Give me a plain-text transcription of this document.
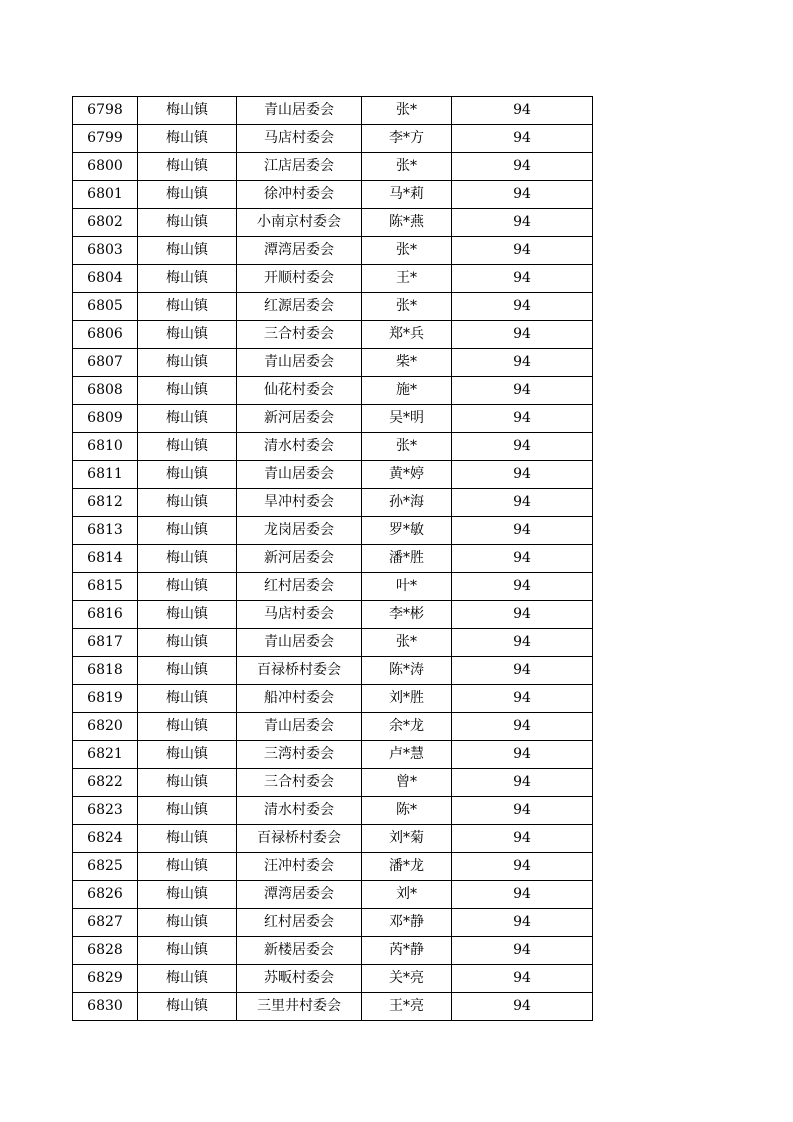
6798	梅山镇	青山居委会	张*	94
6799	梅山镇	马店村委会	李*方	94
6800	梅山镇	江店居委会	张*	94
6801	梅山镇	徐冲村委会	马*莉	94
6802	梅山镇	小南京村委会	陈*燕	94
6803	梅山镇	潭湾居委会	张*	94
6804	梅山镇	开顺村委会	王*	94
6805	梅山镇	红源居委会	张*	94
6806	梅山镇	三合村委会	郑*兵	94
6807	梅山镇	青山居委会	柴*	94
6808	梅山镇	仙花村委会	施*	94
6809	梅山镇	新河居委会	吴*明	94
6810	梅山镇	清水村委会	张*	94
6811	梅山镇	青山居委会	黄*婷	94
6812	梅山镇	旱冲村委会	孙*海	94
6813	梅山镇	龙岗居委会	罗*敏	94
6814	梅山镇	新河居委会	潘*胜	94
6815	梅山镇	红村居委会	叶*	94
6816	梅山镇	马店村委会	李*彬	94
6817	梅山镇	青山居委会	张*	94
6818	梅山镇	百禄桥村委会	陈*涛	94
6819	梅山镇	船冲村委会	刘*胜	94
6820	梅山镇	青山居委会	余*龙	94
6821	梅山镇	三湾村委会	卢*慧	94
6822	梅山镇	三合村委会	曾*	94
6823	梅山镇	清水村委会	陈*	94
6824	梅山镇	百禄桥村委会	刘*菊	94
6825	梅山镇	汪冲村委会	潘*龙	94
6826	梅山镇	潭湾居委会	刘*	94
6827	梅山镇	红村居委会	邓*静	94
6828	梅山镇	新楼居委会	芮*静	94
6829	梅山镇	苏畈村委会	关*亮	94
6830	梅山镇	三里井村委会	王*亮	94
